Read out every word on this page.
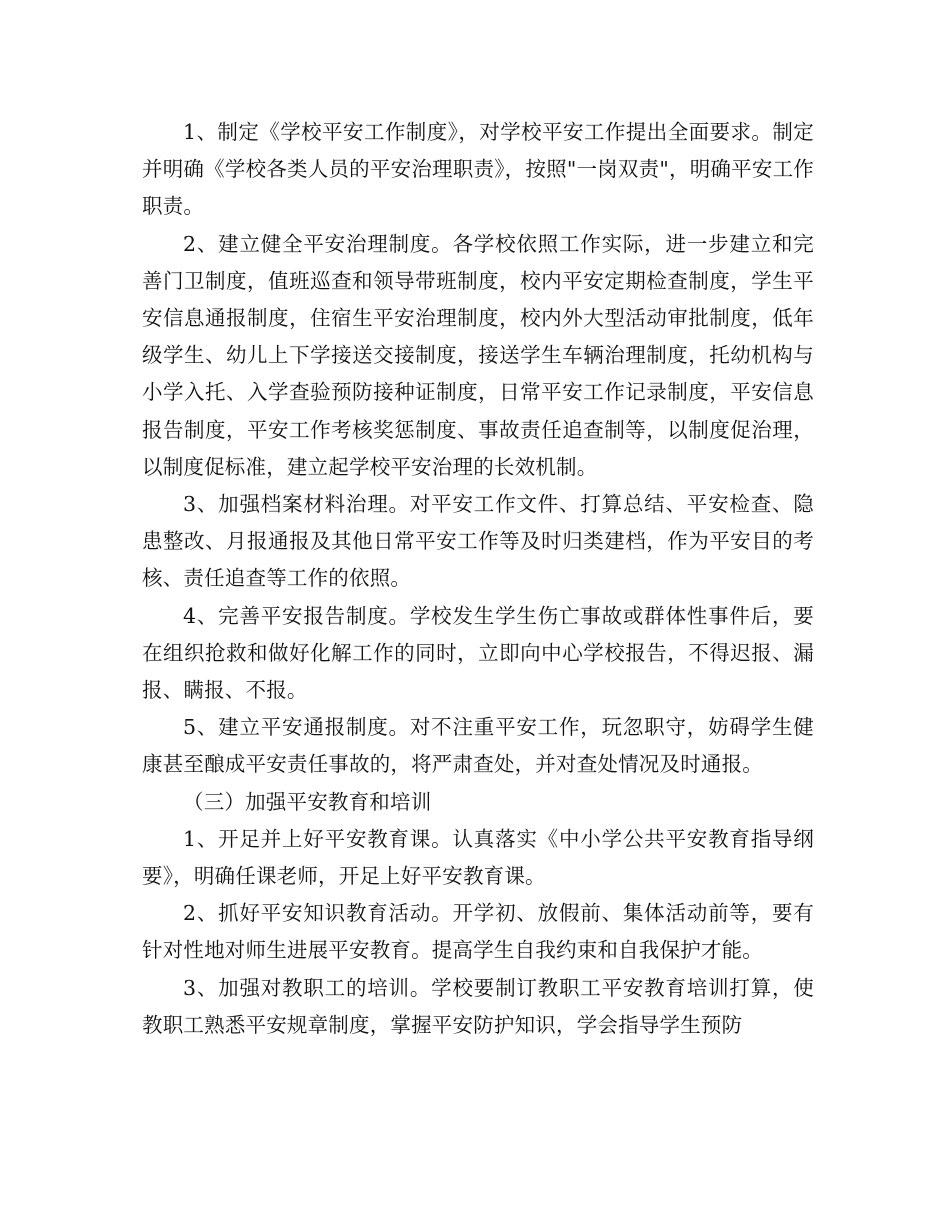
1、制定《学校平安工作制度》，对学校平安工作提出全面要求。制定并明确《学校各类人员的平安治理职责》，按照"一岗双责"，明确平安工作职责。

2、建立健全平安治理制度。各学校依照工作实际，进一步建立和完善门卫制度，值班巡查和领导带班制度，校内平安定期检查制度，学生平安信息通报制度，住宿生平安治理制度，校内外大型活动审批制度，低年级学生、幼儿上下学接送交接制度，接送学生车辆治理制度，托幼机构与小学入托、入学查验预防接种证制度，日常平安工作记录制度，平安信息报告制度，平安工作考核奖惩制度、事故责任追查制等，以制度促治理，以制度促标准，建立起学校平安治理的长效机制。

3、加强档案材料治理。对平安工作文件、打算总结、平安检查、隐患整改、月报通报及其他日常平安工作等及时归类建档，作为平安目的考核、责任追查等工作的依照。

4、完善平安报告制度。学校发生学生伤亡事故或群体性事件后，要在组织抢救和做好化解工作的同时，立即向中心学校报告，不得迟报、漏报、瞒报、不报。

5、建立平安通报制度。对不注重平安工作，玩忽职守，妨碍学生健康甚至酿成平安责任事故的，将严肃查处，并对查处情况及时通报。

（三）加强平安教育和培训

1、开足并上好平安教育课。认真落实《中小学公共平安教育指导纲要》，明确任课老师，开足上好平安教育课。

2、抓好平安知识教育活动。开学初、放假前、集体活动前等，要有针对性地对师生进展平安教育。提高学生自我约束和自我保护才能。

3、加强对教职工的培训。学校要制订教职工平安教育培训打算，使教职工熟悉平安规章制度，掌握平安防护知识，学会指导学生预防
